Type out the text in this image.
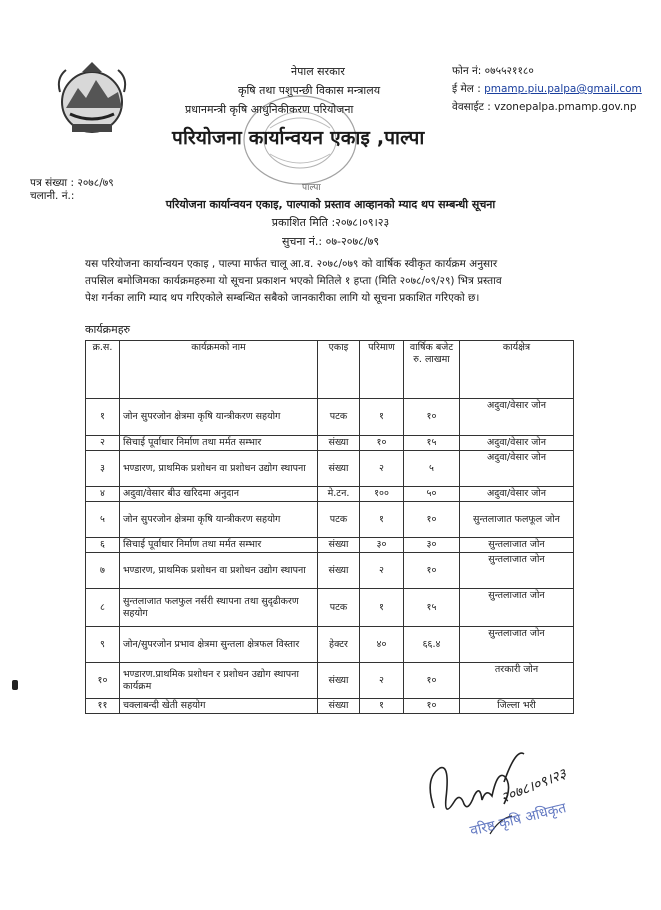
नेपाल सरकार
कृषि तथा पशुपन्छी विकास मन्त्रालय
प्रधानमन्त्री कृषि आधुनिकीकरण परियोजना
फोन नं: ०७५५२११८०
ई मेल : pmamp.piu.palpa@gmail.com
वेवसाईट : vzonepalpa.pmamp.gov.np
पाल्पा
परियोजना कार्यान्वयन एकाइ ,पाल्पा
पत्र संख्या : २०७८/७९
चलानी. नं.:
परियोजना कार्यान्वयन एकाइ, पाल्पाको प्रस्ताव आव्हानको म्याद थप सम्बन्धी सूचना
प्रकाशित मिति :२०७८।०९।२३
सुचना नं.: ०७-२०७८/७९
यस परियोजना कार्यान्वयन एकाइ , पाल्पा मार्फत चालू आ.व. २०७८/०७९ को वार्षिक स्वीकृत कार्यक्रम अनुसार
तपसिल बमोजिमका कार्यक्रमहरुमा यो सूचना प्रकाशन भएको मितिले १ हप्ता (मिति २०७८/०९/२९) भित्र प्रस्ताव
पेश गर्नका लागि म्याद थप गरिएकोले सम्बन्धित सबैको जानकारीका लागि यो सूचना प्रकाशित गरिएको छ।
कार्यक्रमहरु
क्र.स.	कार्यक्रमको नाम	एकाइ	परिमाण	वार्षिक बजेट रु. लाखमा	कार्यक्षेत्र
१	जोन सुपरजोन क्षेत्रमा कृषि यान्त्रीकरण सहयोग	पटक	१	१०	अदुवा/वेसार जोन
२	सिचाई पूर्वाधार निर्माण तथा मर्मत सम्भार	संख्या	१०	१५	अदुवा/वेसार जोन
३	भण्डारण, प्राथमिक प्रशोधन वा प्रशोधन उद्योग स्थापना	संख्या	२	५	अदुवा/वेसार जोन
४	अदुवा/वेसार बीउ खरिदमा अनुदान	मे.टन.	१००	५०	अदुवा/वेसार जोन
५	जोन सुपरजोन क्षेत्रमा कृषि यान्त्रीकरण सहयोग	पटक	१	१०	सुन्तलाजात फलफूल जोन
६	सिचाई पूर्वाधार निर्माण तथा मर्मत सम्भार	संख्या	३०	३०	सुन्तलाजात जोन
७	भण्डारण, प्राथमिक प्रशोधन वा प्रशोधन उद्योग स्थापना	संख्या	२	१०	सुन्तलाजात जोन
८	सुन्तलाजात फलफुल नर्सरी स्थापना तथा सुदृढीकरण सहयोग	पटक	१	१५	सुन्तलाजात जोन
९	जोन/सुपरजोन प्रभाव क्षेत्रमा सुन्तला क्षेत्रफल विस्तार	हेक्टर	४०	६६.४	सुन्तलाजात जोन
१०	भण्डारण.प्राथमिक प्रशोधन र प्रशोधन उद्योग स्थापना कार्यक्रम	संख्या	२	१०	तरकारी जोन
११	चक्लाबन्दी खेती सहयोग	संख्या	१	१०	जिल्ला भरी
२०७८।०९।२३
वरिष्ठ कृषि अधिकृत
